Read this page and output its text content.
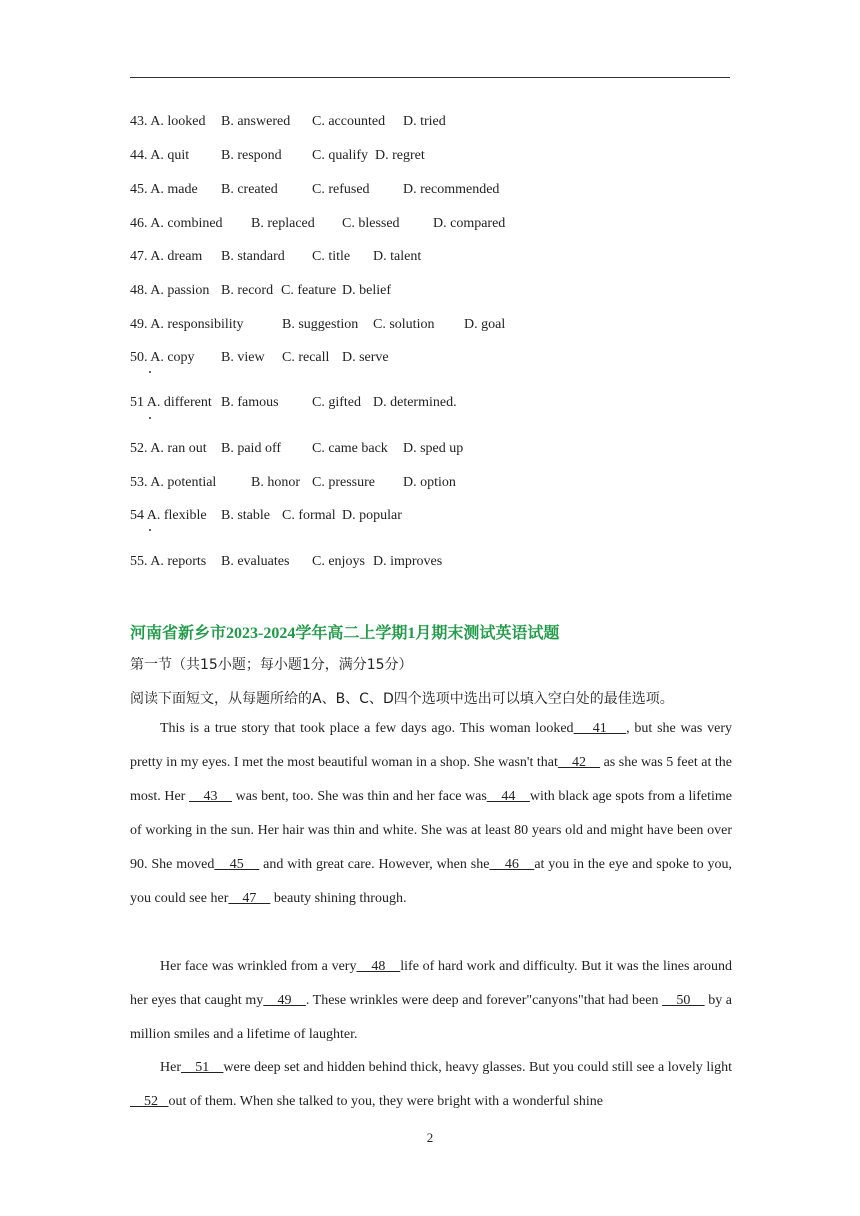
43. A. looked B. answered C. accounted D. tried
44. A. quit B. respond C. qualify D. regret
45. A. made B. created C. refused D. recommended
46. A. combined B. replaced C. blessed D. compared
47. A. dream B. standard C. title D. talent
48. A. passion B. record C. feature D. belief
49. A. responsibility	B. suggestion C. solution D. goal
50. A. copy B. view C. recall D. serve
51 A. different B. famous C. gifted D. determined.
52. A. ran out B. paid off C. came back D. sped up
53. A. potential B. honor C. pressure D. option
54 A. flexible B. stable C. formal D. popular
55. A. reports B. evaluates C. enjoys D. improves
河南省新乡市2023-2024学年高二上学期1月期末测试英语试题
第一节（共15小题；每小题1分，满分15分）
阅读下面短文，从每题所给的A、B、C、D四个选项中选出可以填入空白处的最佳选项。
This is a true story that took place a few days ago. This woman looked    41    , but she was very pretty in my eyes. I met the most beautiful woman in a shop. She wasn't that    42     as she was 5 feet at the most. Her     43     was bent, too. She was thin and her face was    44    with black age spots from a lifetime of working in the sun. Her hair was thin and white. She was at least 80 years old and might have been over 90. She moved    45     and with great care. However, when she    46    at you in the eye and spoke to you, you could see her    47     beauty shining through.
Her face was wrinkled from a very    48    life of hard work and difficulty. But it was the lines around her eyes that caught my    49    . These wrinkles were deep and forever"canyons"that had been     50     by a million smiles and a lifetime of laughter.
Her    51    were deep set and hidden behind thick, heavy glasses. But you could still see a lovely light    52   out of them. When she talked to you, they were bright with a wonderful shine
2
